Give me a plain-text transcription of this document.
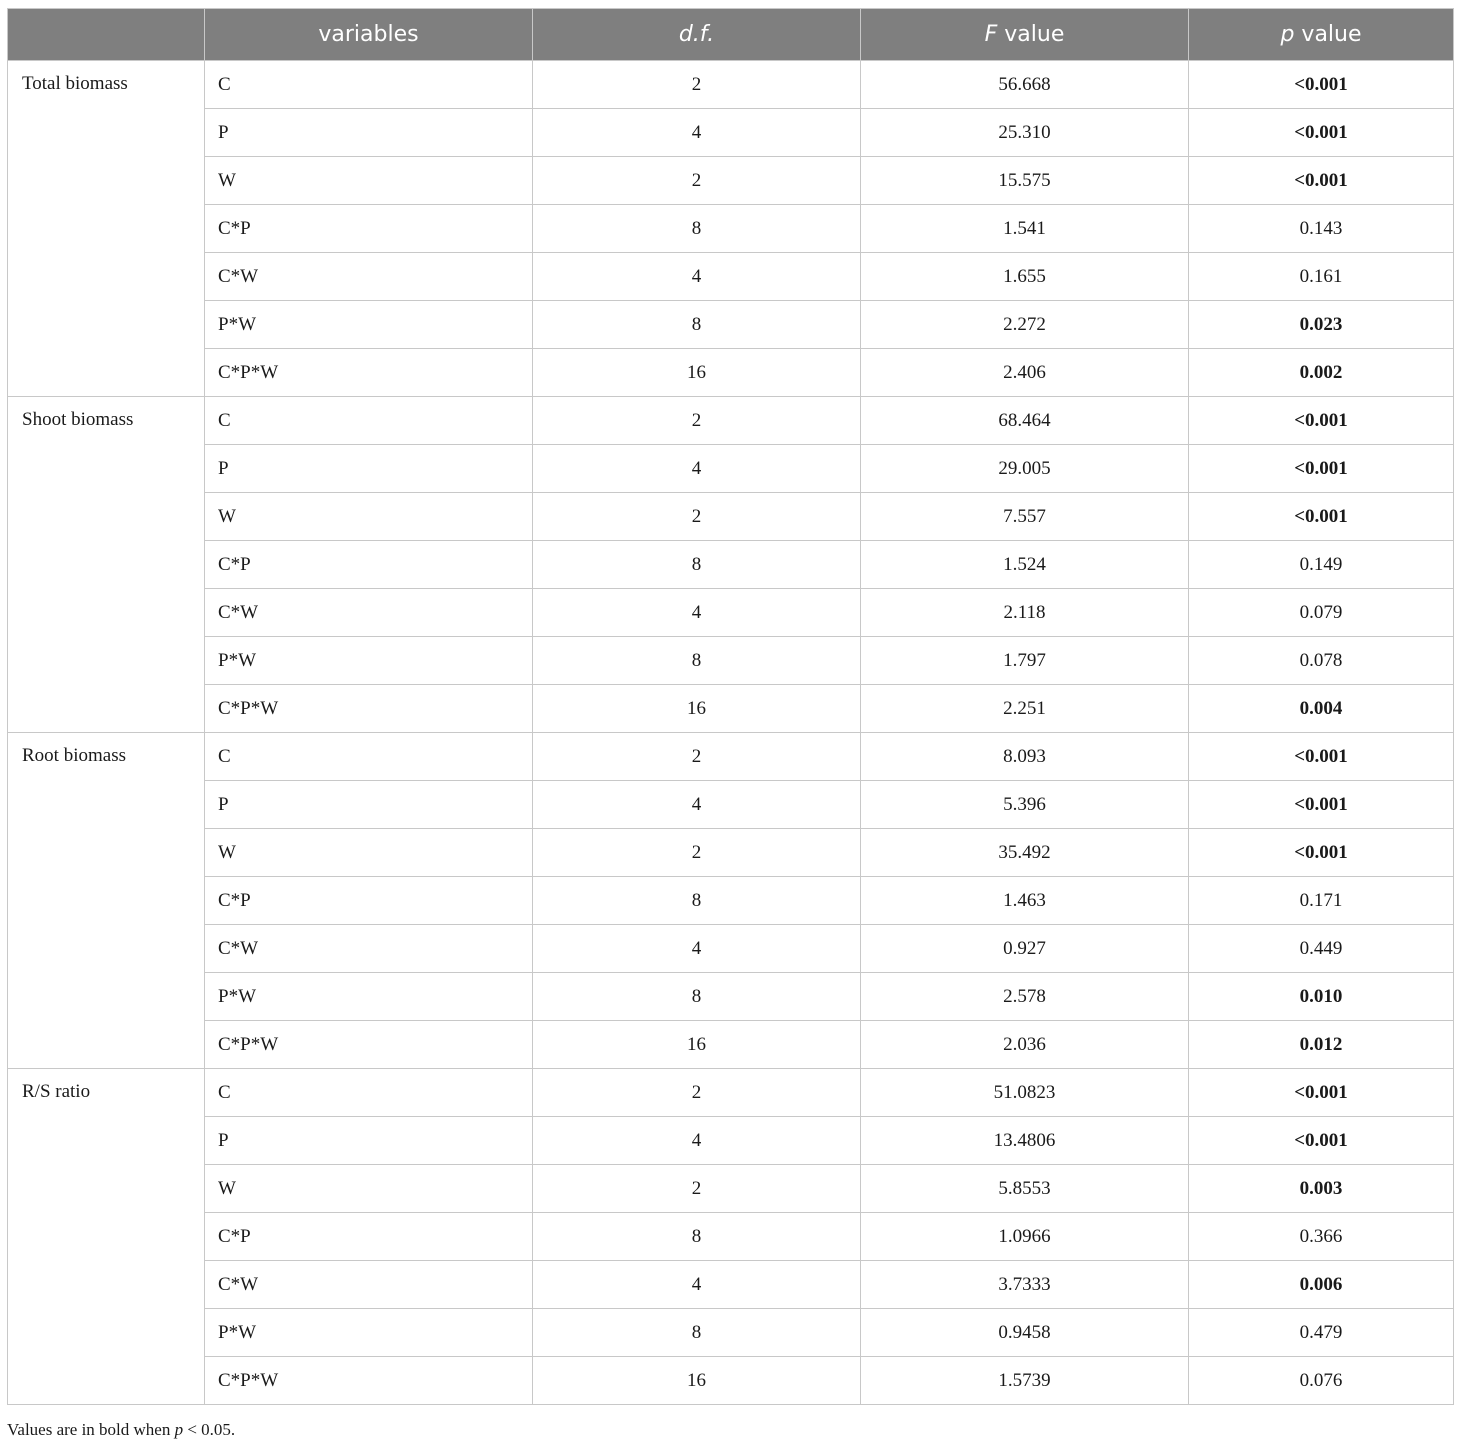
	variables	d.f.	F value	p value
Total biomass	C	2	56.668	<0.001
	P	4	25.310	<0.001
	W	2	15.575	<0.001
	C*P	8	1.541	0.143
	C*W	4	1.655	0.161
	P*W	8	2.272	0.023
	C*P*W	16	2.406	0.002
Shoot biomass	C	2	68.464	<0.001
	P	4	29.005	<0.001
	W	2	7.557	<0.001
	C*P	8	1.524	0.149
	C*W	4	2.118	0.079
	P*W	8	1.797	0.078
	C*P*W	16	2.251	0.004
Root biomass	C	2	8.093	<0.001
	P	4	5.396	<0.001
	W	2	35.492	<0.001
	C*P	8	1.463	0.171
	C*W	4	0.927	0.449
	P*W	8	2.578	0.010
	C*P*W	16	2.036	0.012
R/S ratio	C	2	51.0823	<0.001
	P	4	13.4806	<0.001
	W	2	5.8553	0.003
	C*P	8	1.0966	0.366
	C*W	4	3.7333	0.006
	P*W	8	0.9458	0.479
	C*P*W	16	1.5739	0.076
Values are in bold when p < 0.05.
